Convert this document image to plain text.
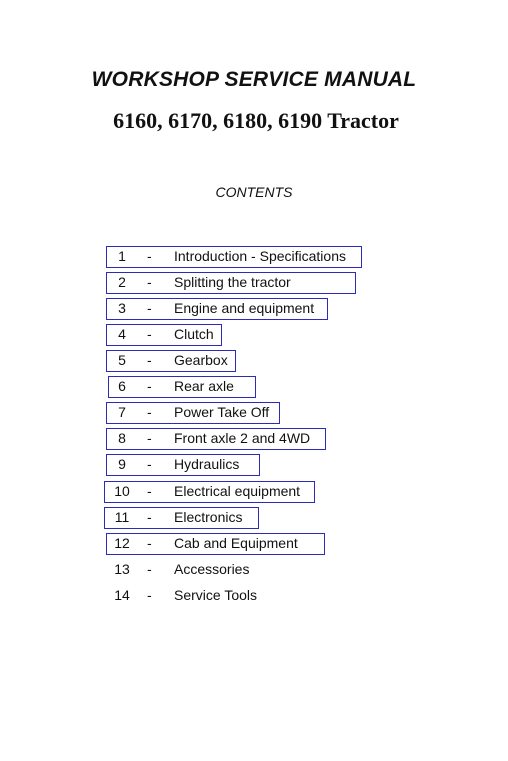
WORKSHOP SERVICE MANUAL
6160, 6170, 6180, 6190 Tractor
CONTENTS
1	- Introduction - Specifications
2	- Splitting the tractor
3	- Engine and equipment
4	- Clutch
5	- Gearbox
6	- Rear axle
7	- Power Take Off
8	- Front axle 2 and 4WD
9	- Hydraulics
10	- Electrical equipment
11	- Electronics
12	- Cab and Equipment
13	- Accessories
14	- Service Tools
